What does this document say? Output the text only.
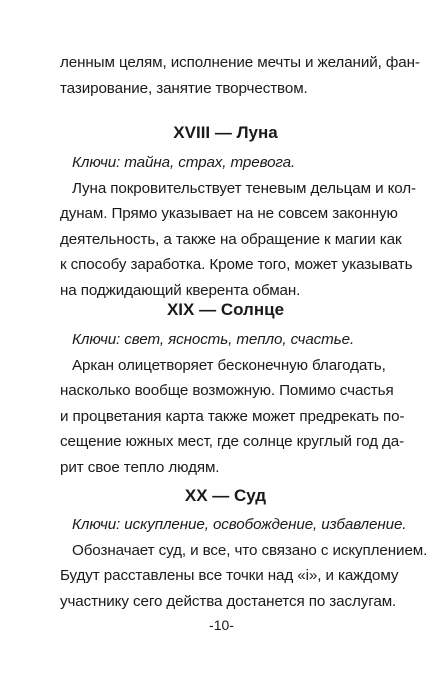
ленным целям, исполнение мечты и желаний, фан-
тазирование, занятие творчеством.
XVIII — Луна
Ключи: тайна, страх, тревога.
Луна покровительствует теневым дельцам и кол-
дунам. Прямо указывает на не совсем законную
деятельность, а также на обращение к магии как
к способу заработка. Кроме того, может указывать
на поджидающий кверента обман.
XIX — Солнце
Ключи: свет, ясность, тепло, счастье.
Аркан олицетворяет бесконечную благодать,
насколько вообще возможную. Помимо счастья
и процветания карта также может предрекать по-
сещение южных мест, где солнце круглый год да-
рит свое тепло людям.
XX — Суд
Ключи: искупление, освобождение, избавление.
Обозначает суд, и все, что связано с искуплением.
Будут расставлены все точки над «i», и каждому
участнику сего действа достанется по заслугам.
-10-
